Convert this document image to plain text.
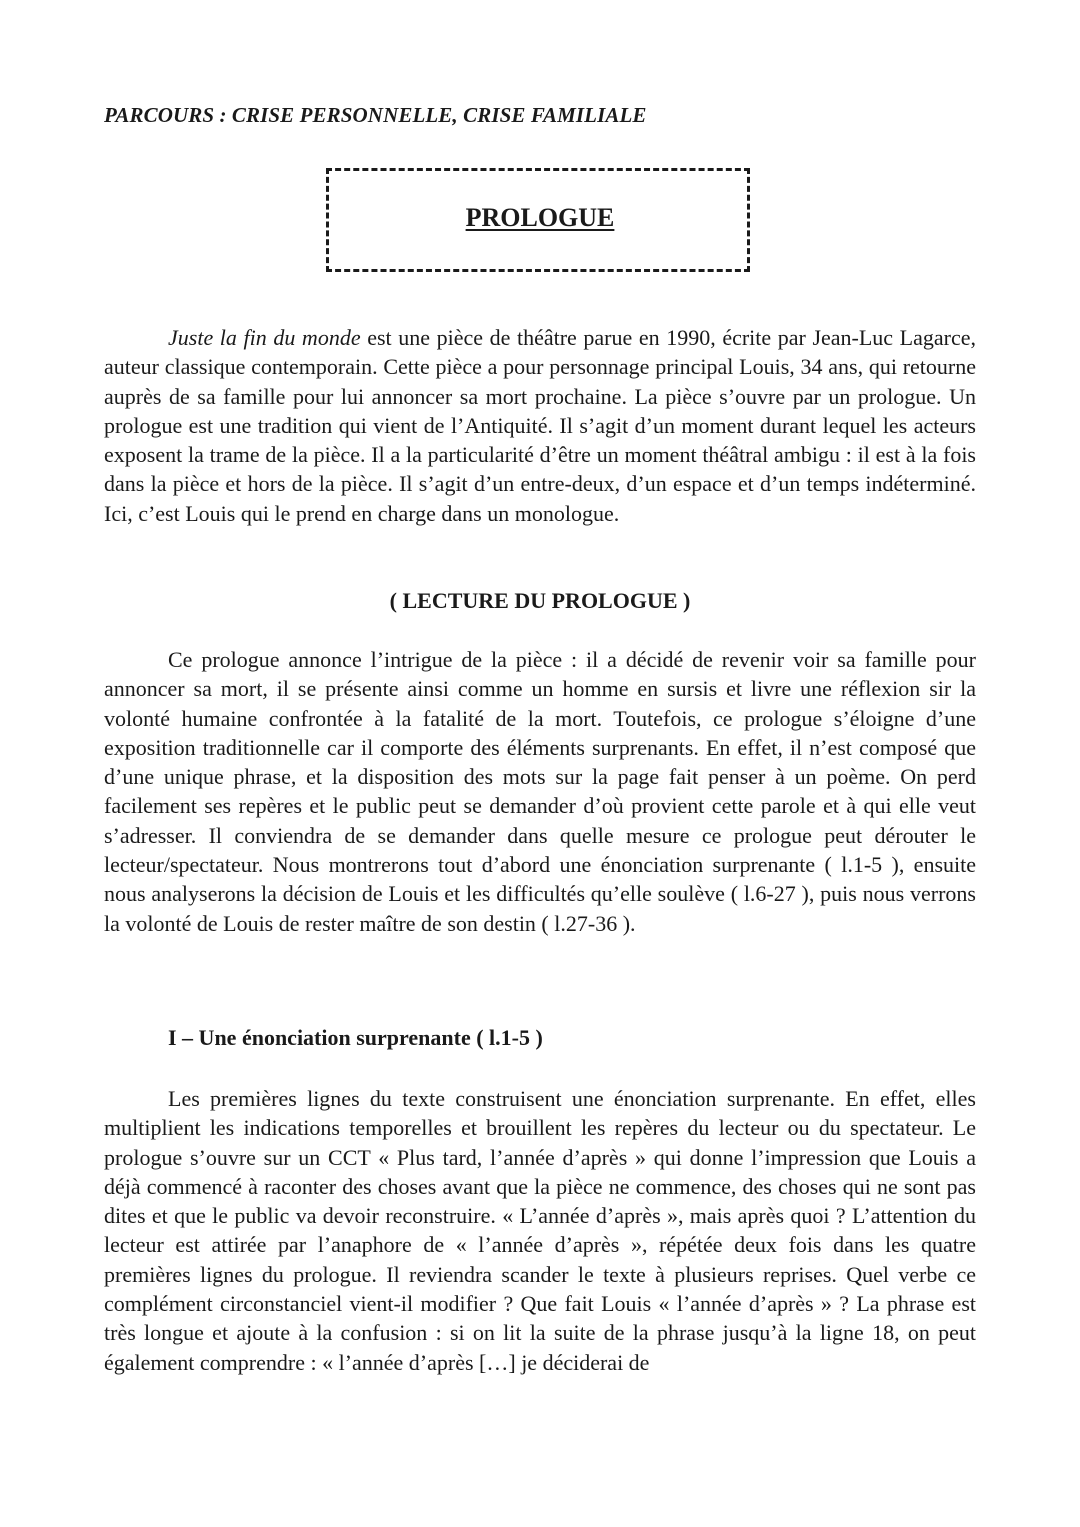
PARCOURS : CRISE PERSONNELLE, CRISE FAMILIALE
PROLOGUE

Juste la fin du monde est une pièce de théâtre parue en 1990, écrite par Jean-Luc Lagarce, auteur classique contemporain. Cette pièce a pour personnage principal Louis, 34 ans, qui retourne auprès de sa famille pour lui annoncer sa mort prochaine. La pièce s’ouvre par un prologue. Un prologue est une tradition qui vient de l’Antiquité. Il s’agit d’un moment durant lequel les acteurs exposent la trame de la pièce. Il a la particularité d’être un moment théâtral ambigu : il est à la fois dans la pièce et hors de la pièce. Il s’agit d’un entre-deux, d’un espace et d’un temps indéterminé. Ici, c’est Louis qui le prend en charge dans un monologue.

( LECTURE DU PROLOGUE )

Ce prologue annonce l’intrigue de la pièce : il a décidé de revenir voir sa famille pour annoncer sa mort, il se présente ainsi comme un homme en sursis et livre une réflexion sir la volonté humaine confrontée à la fatalité de la mort. Toutefois, ce prologue s’éloigne d’une exposition traditionnelle car il comporte des éléments surprenants. En effet, il n’est composé que d’une unique phrase, et la disposition des mots sur la page fait penser à un poème. On perd facilement ses repères et le public peut se demander d’où provient cette parole et à qui elle veut s’adresser. Il conviendra de se demander dans quelle mesure ce prologue peut dérouter le lecteur/spectateur. Nous montrerons tout d’abord une énonciation surprenante ( l.1-5 ), ensuite nous analyserons la décision de Louis et les difficultés qu’elle soulève ( l.6-27 ), puis nous verrons la volonté de Louis de rester maître de son destin ( l.27-36 ).

I – Une énonciation surprenante ( l.1-5 )

Les premières lignes du texte construisent une énonciation surprenante. En effet, elles multiplient les indications temporelles et brouillent les repères du lecteur ou du spectateur. Le prologue s’ouvre sur un CCT « Plus tard, l’année d’après » qui donne l’impression que Louis a déjà commencé à raconter des choses avant que la pièce ne commence, des choses qui ne sont pas dites et que le public va devoir reconstruire. « L’année d’après », mais après quoi ? L’attention du lecteur est attirée par l’anaphore de « l’année d’après », répétée deux fois dans les quatre premières lignes du prologue. Il reviendra scander le texte à plusieurs reprises. Quel verbe ce complément circonstanciel vient-il modifier ? Que fait Louis « l’année d’après » ? La phrase est très longue et ajoute à la confusion : si on lit la suite de la phrase jusqu’à la ligne 18, on peut également comprendre : « l’année d’après […] je déciderai de
